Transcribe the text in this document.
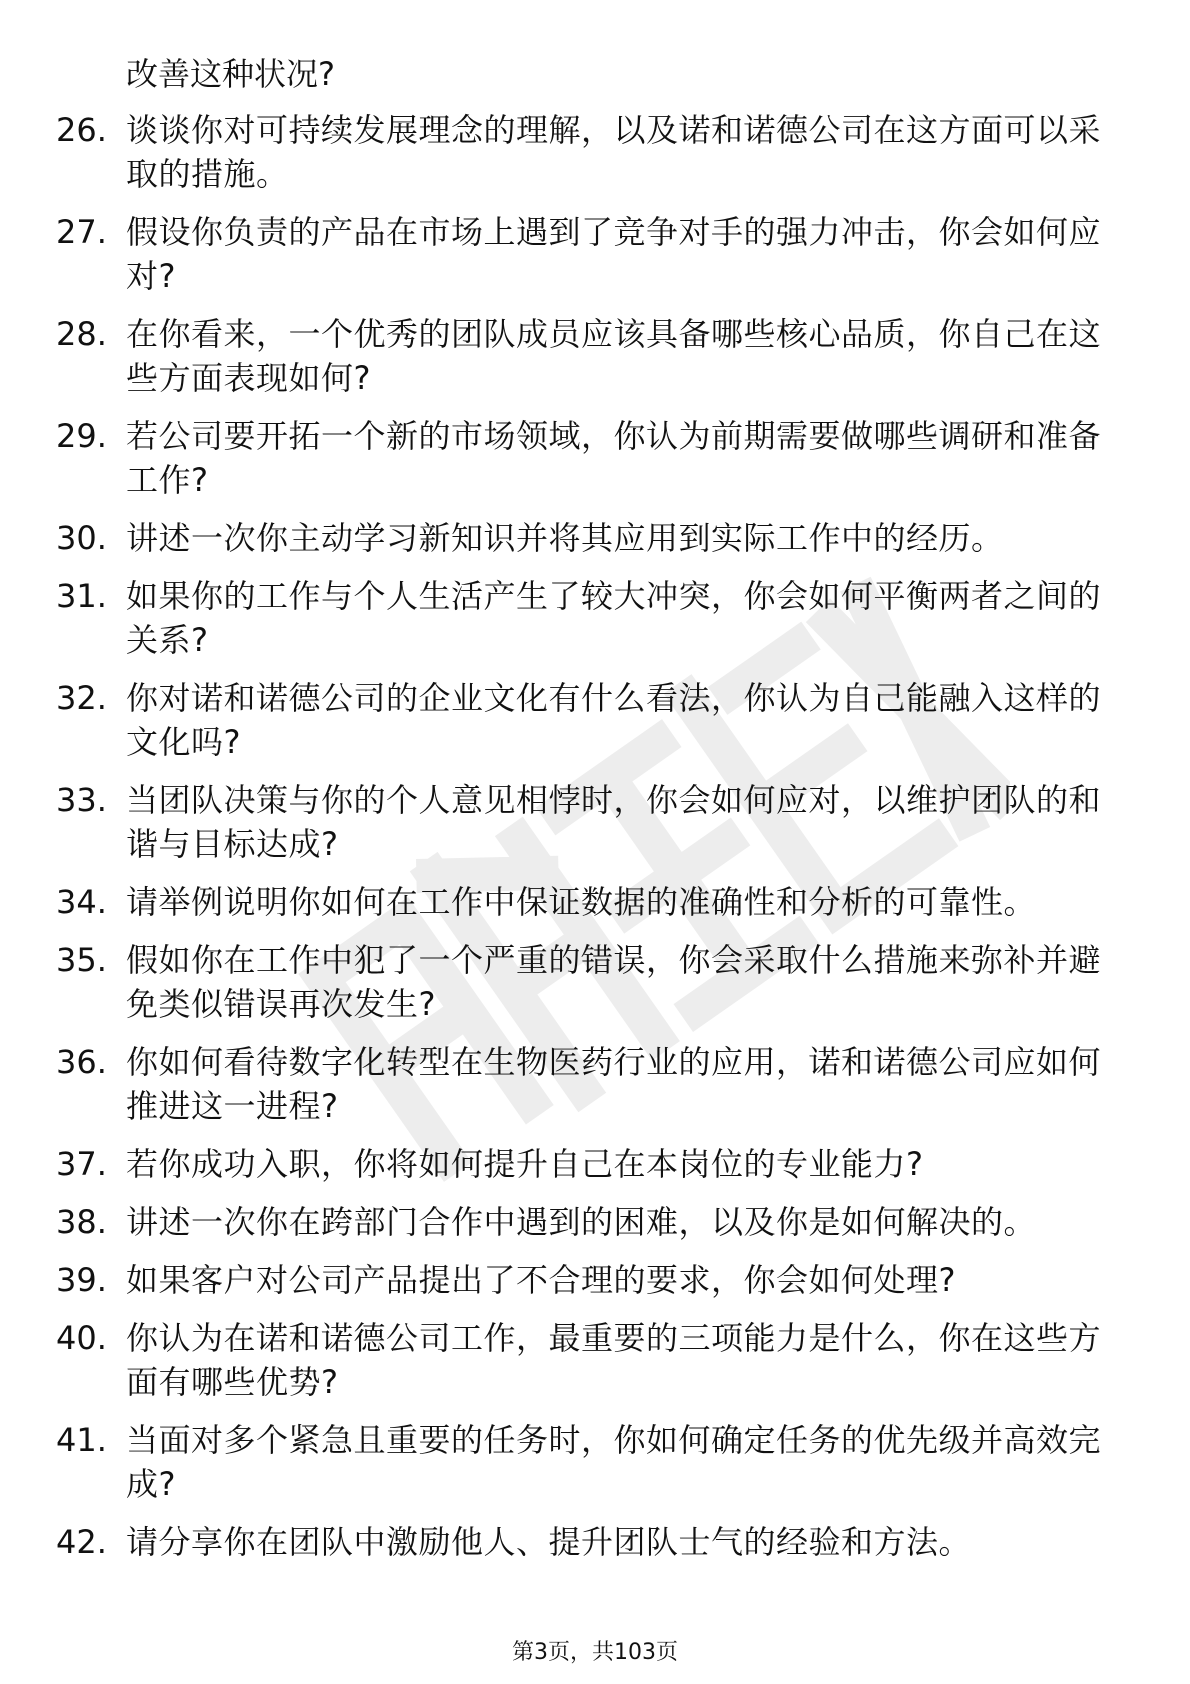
改善这种状况?
26. 谈谈你对可持续发展理念的理解，以及诺和诺德公司在这方面可以采取的措施。
27. 假设你负责的产品在市场上遇到了竞争对手的强力冲击，你会如何应对?
28. 在你看来，一个优秀的团队成员应该具备哪些核心品质，你自己在这些方面表现如何?
29. 若公司要开拓一个新的市场领域，你认为前期需要做哪些调研和准备工作?
30. 讲述一次你主动学习新知识并将其应用到实际工作中的经历。
31. 如果你的工作与个人生活产生了较大冲突，你会如何平衡两者之间的关系?
32. 你对诺和诺德公司的企业文化有什么看法，你认为自己能融入这样的文化吗?
33. 当团队决策与你的个人意见相悖时，你会如何应对，以维护团队的和谐与目标达成?
34. 请举例说明你如何在工作中保证数据的准确性和分析的可靠性。
35. 假如你在工作中犯了一个严重的错误，你会采取什么措施来弥补并避免类似错误再次发生?
36. 你如何看待数字化转型在生物医药行业的应用，诺和诺德公司应如何推进这一进程?
37. 若你成功入职，你将如何提升自己在本岗位的专业能力?
38. 讲述一次你在跨部门合作中遇到的困难，以及你是如何解决的。
39. 如果客户对公司产品提出了不合理的要求，你会如何处理?
40. 你认为在诺和诺德公司工作，最重要的三项能力是什么，你在这些方面有哪些优势?
41. 当面对多个紧急且重要的任务时，你如何确定任务的优先级并高效完成?
42. 请分享你在团队中激励他人、提升团队士气的经验和方法。
第3页，共103页
